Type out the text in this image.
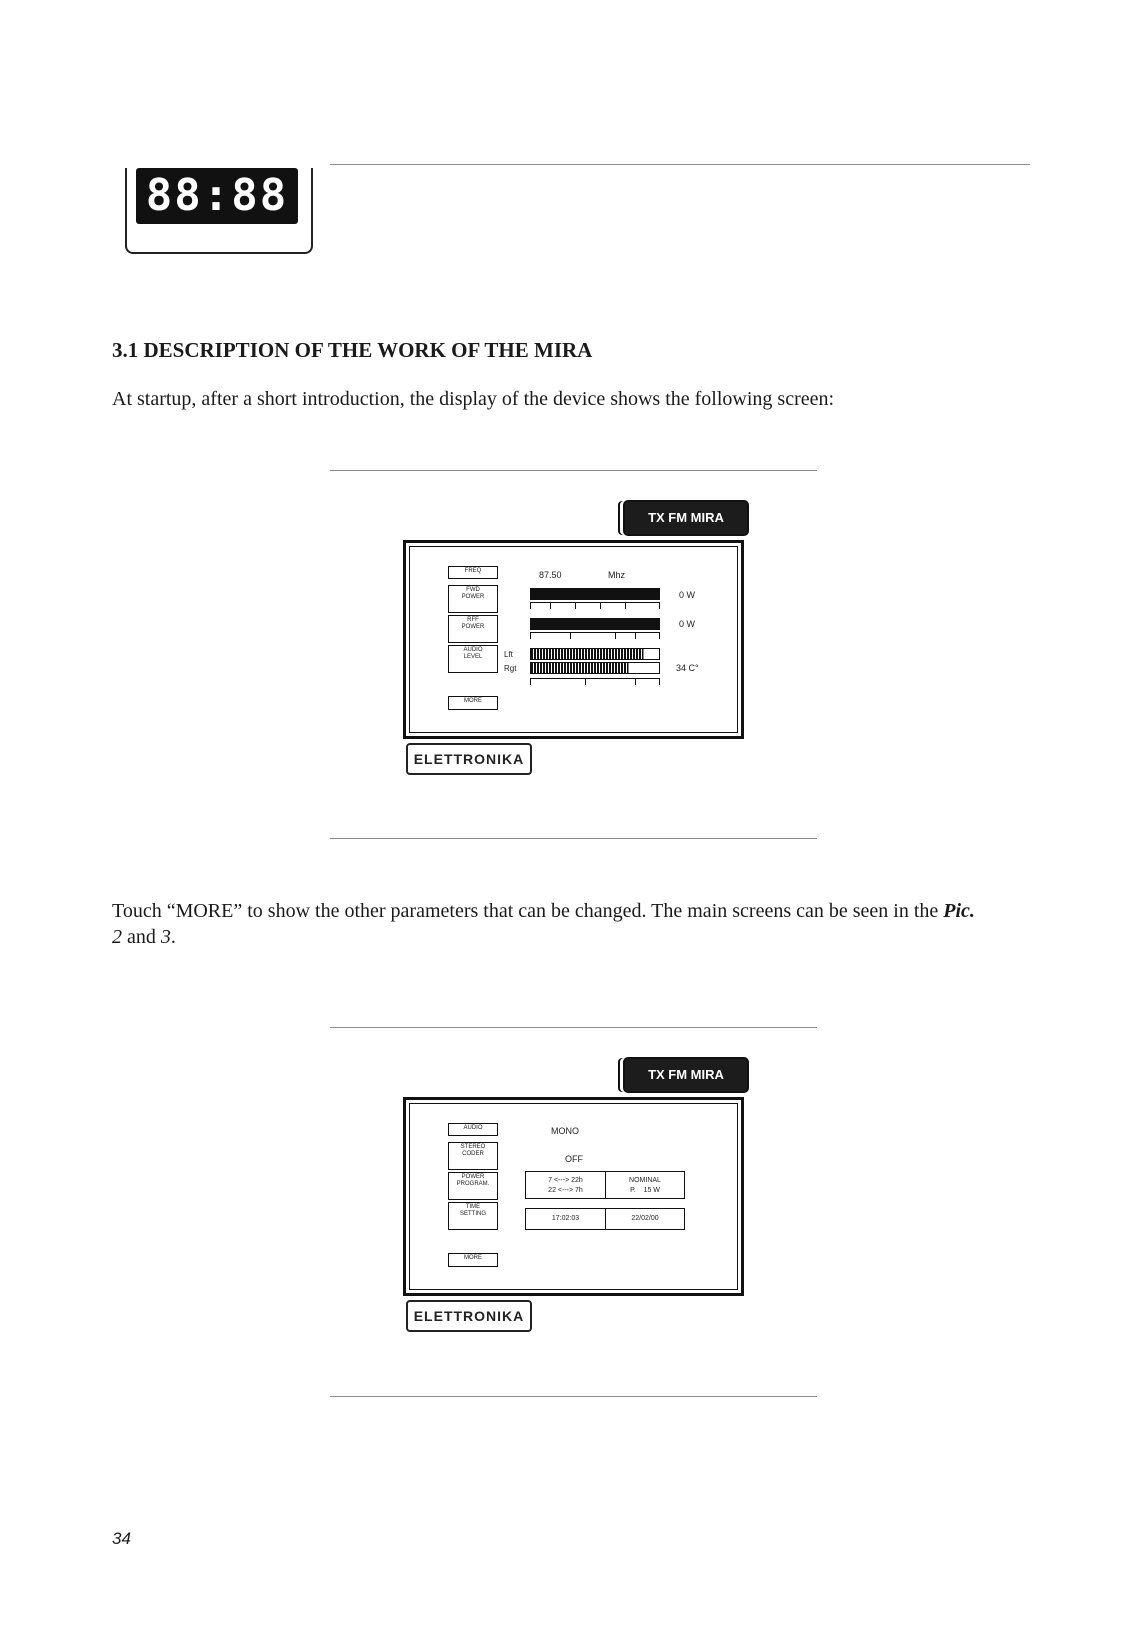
88:88
3.1 DESCRIPTION OF THE WORK OF THE MIRA

At startup, after a short introduction, the display of the device shows the following screen:

TX FM MIRA
FREQ
FWD
POWER
RFF
POWER
AUDIO
LEVEL
MORE
87.50	Mhz
0 W
0 W
Lft
Rgt	34 C°
ELETTRONIKA

Touch “MORE” to show the other parameters that can be changed. The main screens can be seen in the Pic.
2 and 3.

TX FM MIRA
AUDIO
STEREO
CODER
POWER
PROGRAM.
TIME
SETTING
MORE
MONO
OFF
7 <---> 22h
22 <---> 7h
NOMINAL
P. 15 W
17:02:03	22/02/00
ELETTRONIKA
34
